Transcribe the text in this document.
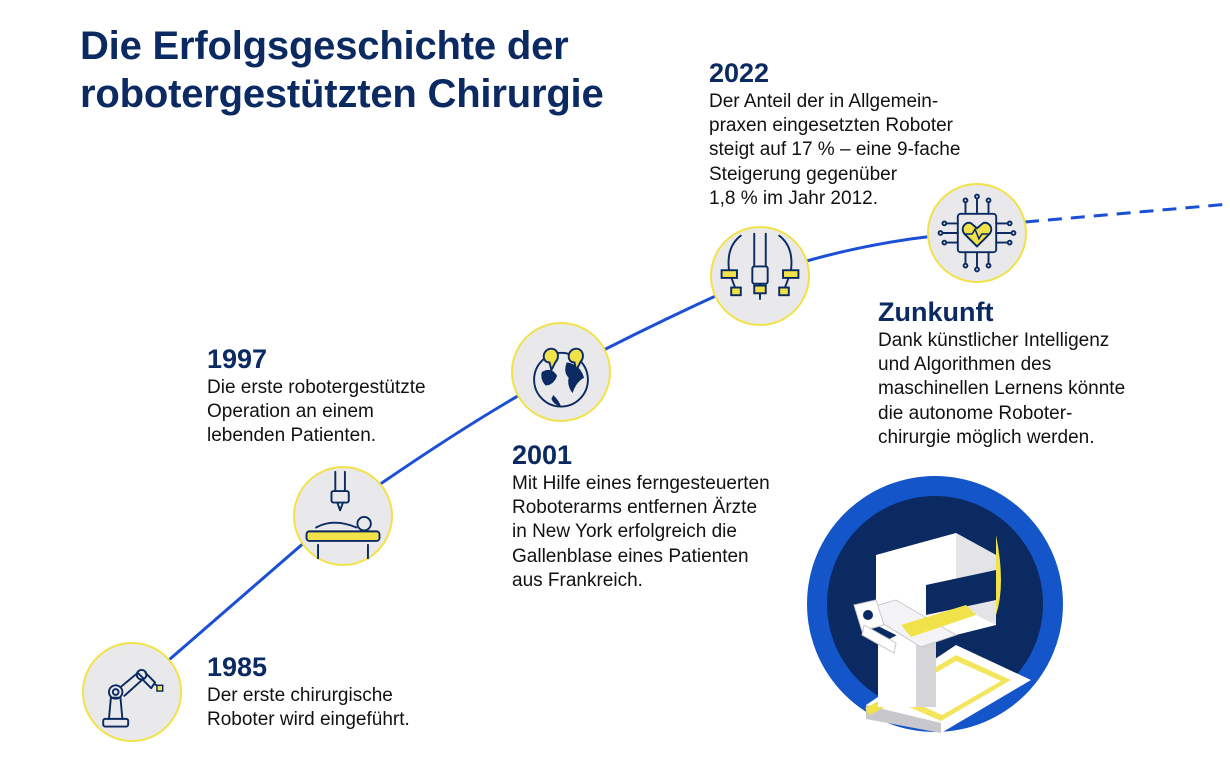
Die Erfolgsgeschichte der
robotergestützten Chirurgie
1985
Der erste chirurgische
Roboter wird eingeführt.
1997
Die erste robotergestützte
Operation an einem
lebenden Patienten.
2001
Mit Hilfe eines ferngesteuerten
Roboterarms entfernen Ärzte
in New York erfolgreich die
Gallenblase eines Patienten
aus Frankreich.
2022
Der Anteil der in Allgemein-
praxen eingesetzten Roboter
steigt auf 17 % – eine 9-fache
Steigerung gegenüber
1,8 % im Jahr 2012.
Zunkunft
Dank künstlicher Intelligenz
und Algorithmen des
maschinellen Lernens könnte
die autonome Roboter-
chirurgie möglich werden.
